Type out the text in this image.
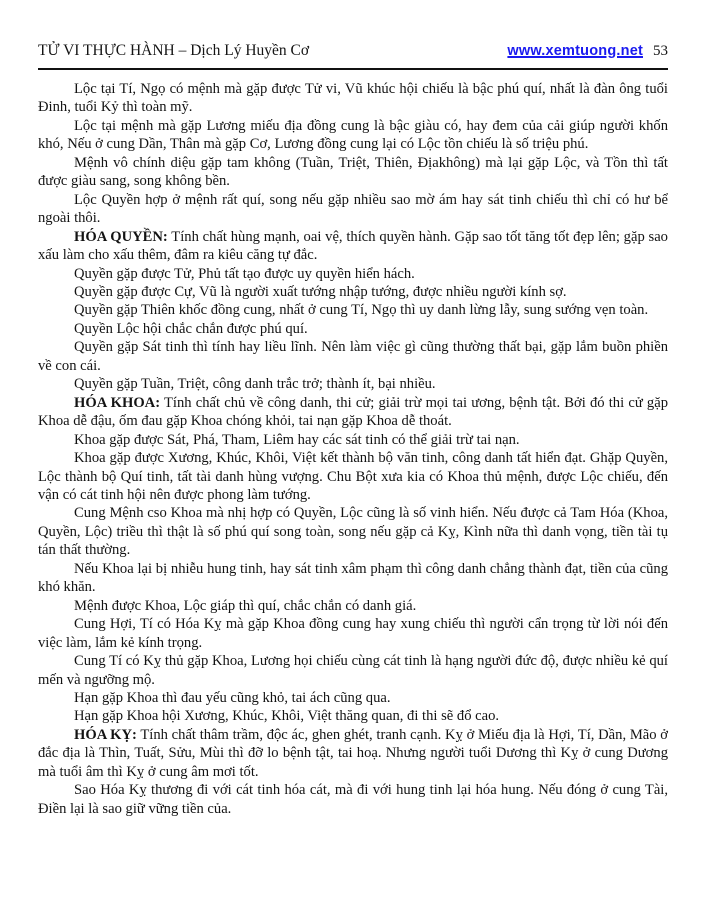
TỬ VI THỰC HÀNH – Dịch Lý Huyền Cơ	www.xemtuong.net 53

Lộc tại Tí, Ngọ có mệnh mà gặp được Tử vi, Vũ khúc hội chiếu là bậc phú quí, nhất là đàn ông tuổi Đinh, tuổi Kỷ thì toàn mỹ.

Lộc tại mệnh mà gặp Lương miếu địa đồng cung là bậc giàu có, hay đem của cải giúp người khốn khó, Nếu ở cung Dần, Thân mà gặp Cơ, Lương đồng cung lại có Lộc tồn chiếu là số triệu phú.

Mệnh vô chính diệu gặp tam không (Tuần, Triệt, Thiên, Địakhông) mà lại gặp Lộc, và Tồn thì tất được giàu sang, song không bền.

Lộc Quyền hợp ở mệnh rất quí, song nếu gặp nhiều sao mờ ám hay sát tinh chiếu thì chỉ có hư bể ngoài thôi.

HÓA QUYỀN: Tính chất hùng mạnh, oai vệ, thích quyền hành. Gặp sao tốt tăng tốt đẹp lên; gặp sao xấu làm cho xấu thêm, đâm ra kiêu căng tự đắc.

Quyền gặp được Tử, Phủ tất tạo được uy quyền hiển hách.

Quyền gặp được Cự, Vũ là người xuất tướng nhập tướng, được nhiều người kính sợ.

Quyền gặp Thiên khốc đồng cung, nhất ở cung Tí, Ngọ thì uy danh lừng lẫy, sung sướng vẹn toàn.

Quyền Lộc hội chắc chắn được phú quí.

Quyền gặp Sát tinh thì tính hay liều lĩnh. Nên làm việc gì cũng thường thất bại, gặp lắm buồn phiền về con cái.

Quyền gặp Tuần, Triệt, công danh trắc trở; thành ít, bại nhiều.

HÓA KHOA: Tính chất chủ về công danh, thi cử; giải trừ mọi tai ương, bệnh tật. Bởi đó thi cử gặp Khoa dễ đậu, ốm đau gặp Khoa chóng khỏi, tai nạn gặp Khoa dễ thoát.

Khoa gặp được Sát, Phá, Tham, Liêm hay các sát tinh có thể giải trừ tai nạn.

Khoa gặp được Xương, Khúc, Khôi, Việt kết thành bộ văn tinh, công danh tất hiển đạt. Ghặp Quyền, Lộc thành bộ Quí tinh, tất tài danh hùng vượng. Chu Bột xưa kia có Khoa thủ mệnh, được Lộc chiếu, đến vận có cát tinh hội nên được phong làm tướng.

Cung Mệnh cso Khoa mà nhị hợp có Quyền, Lộc cũng là số vinh hiển. Nếu được cả Tam Hóa (Khoa, Quyền, Lộc) triều thì thật là số phú quí song toàn, song nếu gặp cả Kỵ, Kình nữa thì danh vọng, tiền tài tụ tán thất thường.

Nếu Khoa lại bị nhiễu hung tinh, hay sát tinh xâm phạm thì công danh chẳng thành đạt, tiền của cũng khó khăn.

Mệnh được Khoa, Lộc giáp thì quí, chắc chắn có danh giá.

Cung Hợi, Tí có Hóa Kỵ mà gặp Khoa đồng cung hay xung chiếu thì người cẩn trọng từ lời nói đến việc làm, lắm kẻ kính trọng.

Cung Tí có Kỵ thủ gặp Khoa, Lương họi chiếu cùng cát tinh là hạng người đức độ, được nhiều kẻ quí mến và ngưỡng mộ.

Hạn gặp Khoa thì đau yếu cũng khỏ, tai ách cũng qua.

Hạn gặp Khoa hội Xương, Khúc, Khôi, Việt thăng quan, đi thi sẽ đổ cao.

HÓA KỴ: Tính chất thâm trầm, độc ác, ghen ghét, tranh cạnh. Kỵ ở Miếu địa là Hợi, Tí, Dần, Mão ở đắc địa là Thìn, Tuất, Sửu, Mùi thì đỡ lo bệnh tật, tai hoạ. Nhưng người tuổi Dương thì Kỵ ở cung Dương mà tuổi âm thì Kỵ ở cung âm mơi tốt.

Sao Hóa Kỵ thương đi với cát tinh hóa cát, mà đi với hung tinh lại hóa hung. Nếu đóng ở cung Tài, Điền lại là sao giữ vững tiền của.
